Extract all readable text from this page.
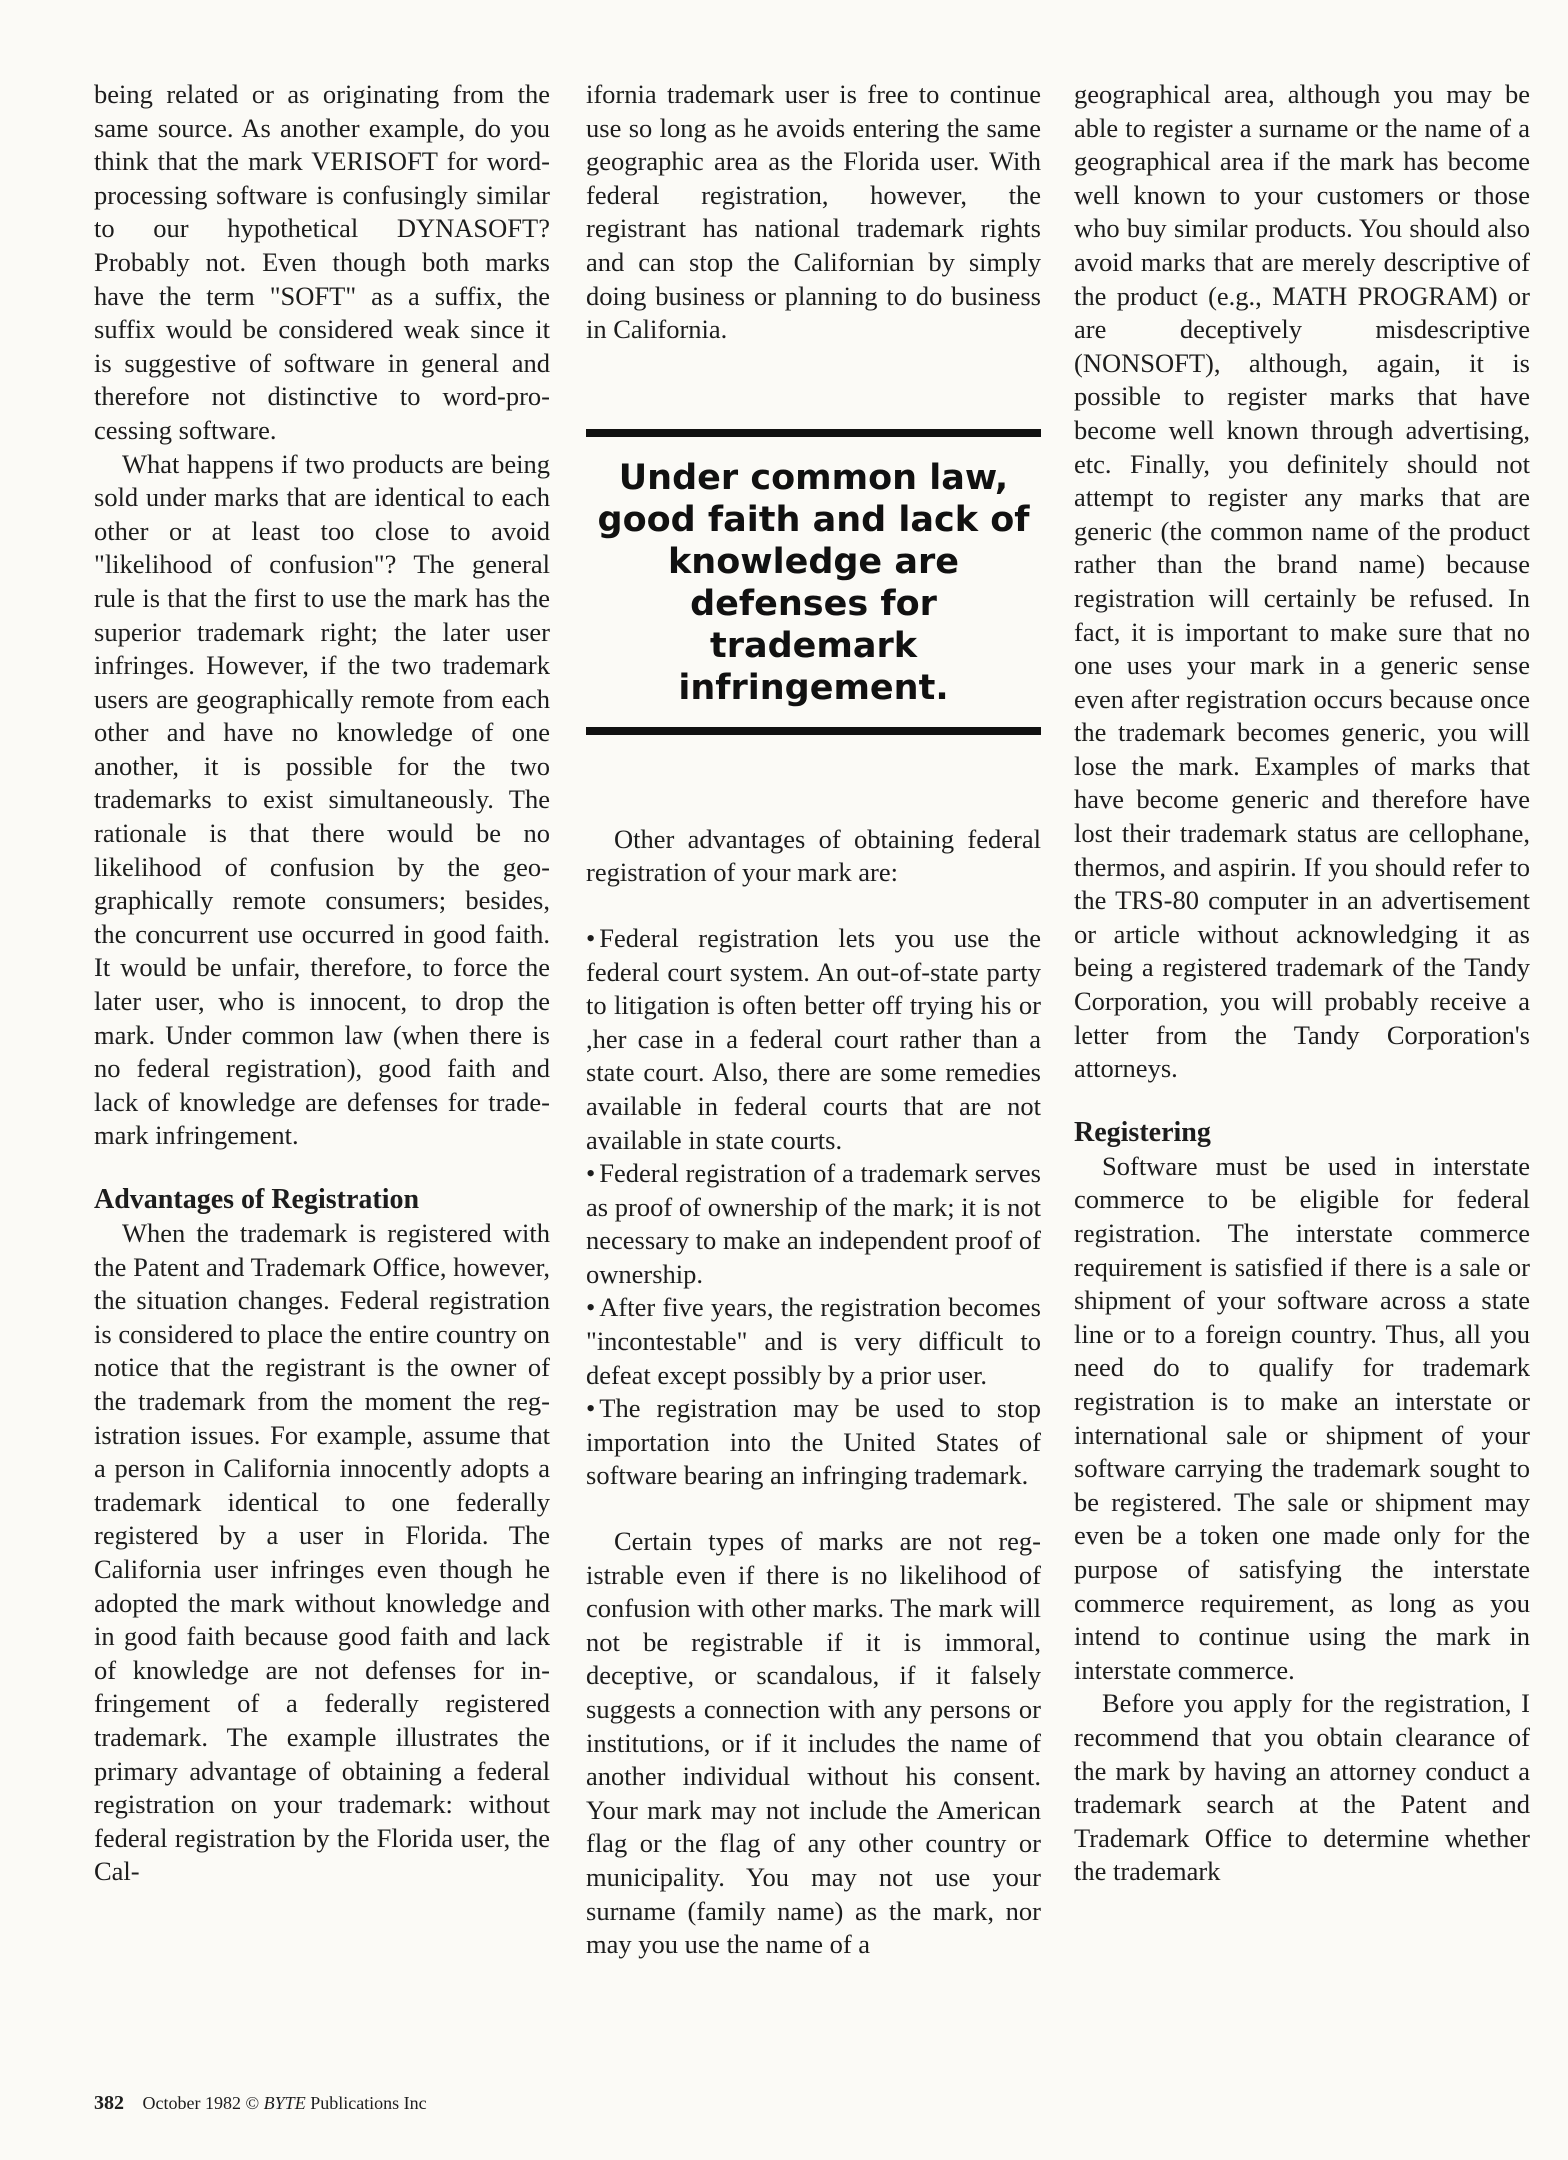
being related or as originating from the same source. As another example, do you think that the mark VERISOFT for word-processing software is confusingly similar to our hypothetical DYNASOFT? Probably not. Even though both marks have the term "SOFT" as a suffix, the suffix would be considered weak since it is suggestive of software in general and therefore not distinctive to word-processing software.

What happens if two products are being sold under marks that are identical to each other or at least too close to avoid "likelihood of confusion"? The general rule is that the first to use the mark has the superior trademark right; the later user infringes. However, if the two trademark users are geographically remote from each other and have no knowledge of one another, it is possible for the two trademarks to exist simultaneously. The rationale is that there would be no likelihood of confusion by the geographically remote consumers; besides, the concurrent use occurred in good faith. It would be unfair, therefore, to force the later user, who is innocent, to drop the mark. Under common law (when there is no federal registration), good faith and lack of knowledge are defenses for trademark infringement.

Advantages of Registration

When the trademark is registered with the Patent and Trademark Office, however, the situation changes. Federal registration is considered to place the entire country on notice that the registrant is the owner of the trademark from the moment the registration issues. For example, assume that a person in California innocently adopts a trademark identical to one federally registered by a user in Florida. The California user infringes even though he adopted the mark without knowledge and in good faith because good faith and lack of knowledge are not defenses for infringement of a federally registered trademark. The example illustrates the primary advantage of obtaining a federal registration on your trademark: without federal registration by the Florida user, the Cal-

ifornia trademark user is free to continue use so long as he avoids entering the same geographic area as the Florida user. With federal registration, however, the registrant has national trademark rights and can stop the Californian by simply doing business or planning to do business in California.

Under common law, good faith and lack of knowledge are defenses for trademark infringement.

Other advantages of obtaining federal registration of your mark are:

• Federal registration lets you use the federal court system. An out-of-state party to litigation is often better off trying his or ,her case in a federal court rather than a state court. Also, there are some remedies available in federal courts that are not available in state courts.

• Federal registration of a trademark serves as proof of ownership of the mark; it is not necessary to make an independent proof of ownership.

• After five years, the registration becomes "incontestable" and is very difficult to defeat except possibly by a prior user.

• The registration may be used to stop importation into the United States of software bearing an infringing trademark.

Certain types of marks are not registrable even if there is no likelihood of confusion with other marks. The mark will not be registrable if it is immoral, deceptive, or scandalous, if it falsely suggests a connection with any persons or institutions, or if it includes the name of another individual without his consent. Your mark may not include the American flag or the flag of any other country or municipality. You may not use your surname (family name) as the mark, nor may you use the name of a

geographical area, although you may be able to register a surname or the name of a geographical area if the mark has become well known to your customers or those who buy similar products. You should also avoid marks that are merely descriptive of the product (e.g., MATH PROGRAM) or are deceptively misdescriptive (NONSOFT), although, again, it is possible to register marks that have become well known through advertising, etc. Finally, you definitely should not attempt to register any marks that are generic (the common name of the product rather than the brand name) because registration will certainly be refused. In fact, it is important to make sure that no one uses your mark in a generic sense even after registration occurs because once the trademark becomes generic, you will lose the mark. Examples of marks that have become generic and therefore have lost their trademark status are cellophane, thermos, and aspirin. If you should refer to the TRS-80 computer in an advertisement or article without acknowledging it as being a registered trademark of the Tandy Corporation, you will probably receive a letter from the Tandy Corporation's attorneys.

Registering

Software must be used in interstate commerce to be eligible for federal registration. The interstate commerce requirement is satisfied if there is a sale or shipment of your software across a state line or to a foreign country. Thus, all you need do to qualify for trademark registration is to make an interstate or international sale or shipment of your software carrying the trademark sought to be registered. The sale or shipment may even be a token one made only for the purpose of satisfying the interstate commerce requirement, as long as you intend to continue using the mark in interstate commerce.

Before you apply for the registration, I recommend that you obtain clearance of the mark by having an attorney conduct a trademark search at the Patent and Trademark Office to determine whether the trademark

382 October 1982 © BYTE Publications Inc
